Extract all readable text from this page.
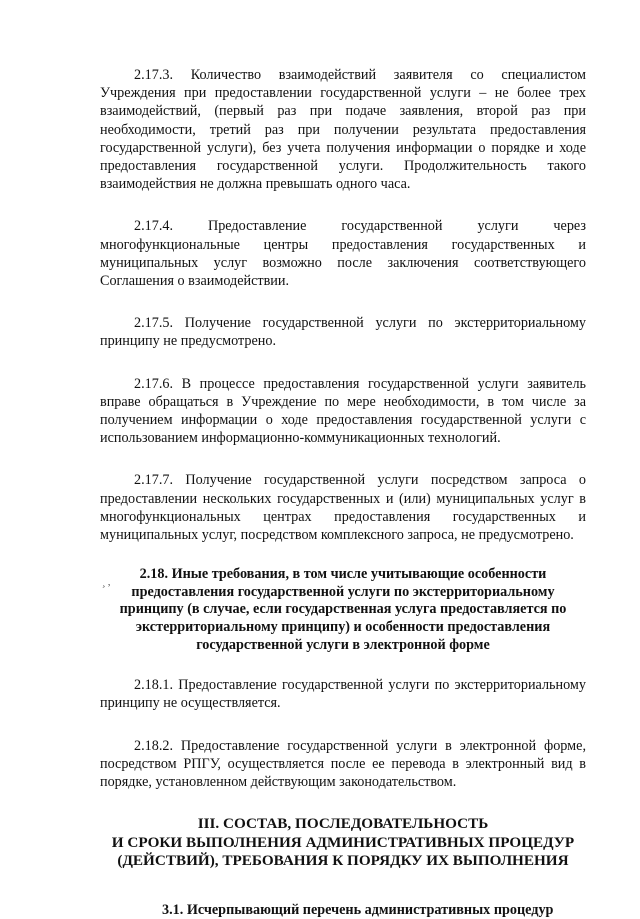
2.17.3. Количество взаимодействий заявителя со специалистом Учреждения при предоставлении государственной услуги – не более трех взаимодействий, (первый раз при подаче заявления, второй раз при необходимости, третий раз при получении результата предоставления государственной услуги), без учета получения информации о порядке и ходе предоставления государственной услуги. Продолжительность такого взаимодействия не должна превышать одного часа.

2.17.4. Предоставление государственной услуги через многофункциональные центры предоставления государственных и муниципальных услуг возможно после заключения соответствующего Соглашения о взаимодействии.

2.17.5. Получение государственной услуги по экстерриториальному принципу не предусмотрено.

2.17.6. В процессе предоставления государственной услуги заявитель вправе обращаться в Учреждение по мере необходимости, в том числе за получением информации о ходе предоставления государственной услуги с использованием информационно-коммуникационных технологий.

2.17.7. Получение государственной услуги посредством запроса о предоставлении нескольких государственных и (или) муниципальных услуг в многофункциональных центрах предоставления государственных и муниципальных услуг, посредством комплексного запроса, не предусмотрено.

¸ ,
2.18. Иные требования, в том числе учитывающие особенности предоставления государственной услуги по экстерриториальному принципу (в случае, если государственная услуга предоставляется по экстерриториальному принципу) и особенности предоставления государственной услуги в электронной форме

2.18.1. Предоставление государственной услуги по экстерриториальному принципу не осуществляется.

2.18.2. Предоставление государственной услуги в электронной форме, посредством РПГУ, осуществляется после ее перевода в электронный вид в порядке, установленном действующим законодательством.

III. СОСТАВ, ПОСЛЕДОВАТЕЛЬНОСТЬ
И СРОКИ ВЫПОЛНЕНИЯ АДМИНИСТРАТИВНЫХ ПРОЦЕДУР
(ДЕЙСТВИЙ), ТРЕБОВАНИЯ К ПОРЯДКУ ИХ ВЫПОЛНЕНИЯ
3.1. Исчерпывающий перечень административных процедур
